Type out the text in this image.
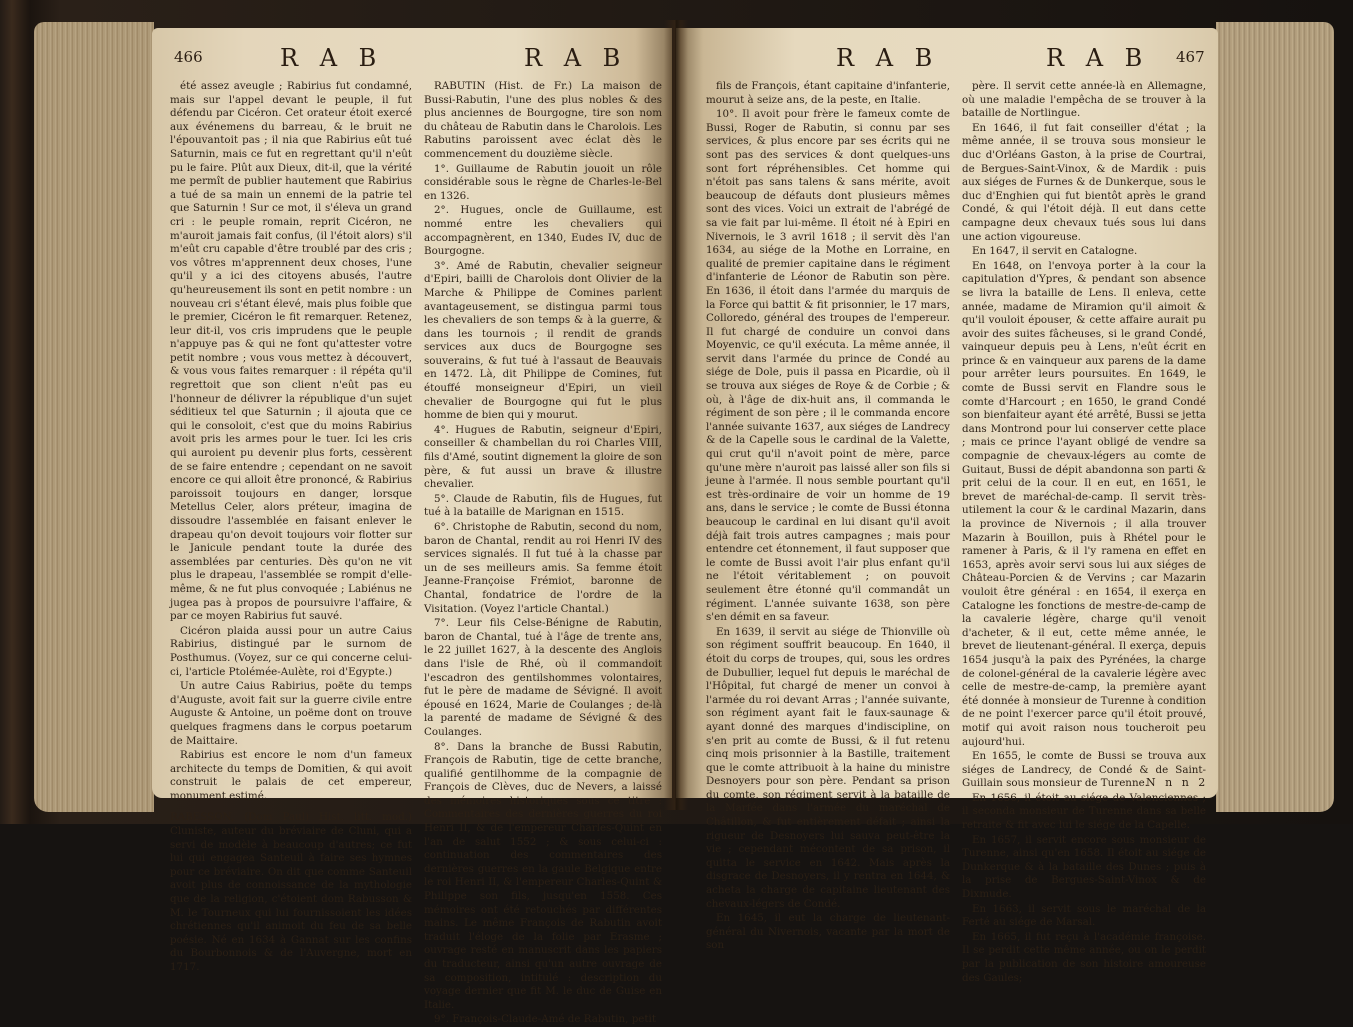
466	R A B	R A B

été assez aveugle ; Rabirius fut condamné, mais sur l'appel devant le peuple, il fut défendu par Cicéron. Cet orateur étoit exercé aux événemens du barreau, & le bruit ne l'épouvantoit pas ; il nia que Rabirius eût tué Saturnin, mais ce fut en regrettant qu'il n'eût pu le faire. Plût aux Dieux, dit-il, que la vérité me permît de publier hautement que Rabirius a tué de sa main un ennemi de la patrie tel que Saturnin ! Sur ce mot, il s'éleva un grand cri : le peuple romain, reprit Cicéron, ne m'auroit jamais fait confus, (il l'étoit alors) s'il m'eût cru capable d'être troublé par des cris ; vos vôtres m'apprennent deux choses, l'une qu'il y a ici des citoyens abusés, l'autre qu'heureusement ils sont en petit nombre : un nouveau cri s'étant élevé, mais plus foible que le premier, Cicéron le fit remarquer. Retenez, leur dit-il, vos cris imprudens que le peuple n'appuye pas & qui ne font qu'attester votre petit nombre ; vous vous mettez à découvert, & vous vous faites remarquer : il répéta qu'il regrettoit que son client n'eût pas eu l'honneur de délivrer la république d'un sujet séditieux tel que Saturnin ; il ajouta que ce qui le consoloit, c'est que du moins Rabirius avoit pris les armes pour le tuer. Ici les cris qui auroient pu devenir plus forts, cessèrent de se faire entendre ; cependant on ne savoit encore ce qui alloit être prononcé, & Rabirius paroissoit toujours en danger, lorsque Metellus Celer, alors préteur, imagina de dissoudre l'assemblée en faisant enlever le drapeau qu'on devoit toujours voir flotter sur le Janicule pendant toute la durée des assemblées par centuries. Dès qu'on ne vit plus le drapeau, l'assemblée se rompit d'elle-même, & ne fut plus convoquée ; Labiénus ne jugea pas à propos de poursuivre l'affaire, & par ce moyen Rabirius fut sauvé.

Cicéron plaida aussi pour un autre Caius Rabirius, distingué par le surnom de Posthumus. (Voyez, sur ce qui concerne celui-ci, l'article Ptolémée-Aulète, roi d'Egypte.)

Un autre Caius Rabirius, poëte du temps d'Auguste, avoit fait sur la guerre civile entre Auguste & Antoine, un poëme dont on trouve quelques fragmens dans le corpus poetarum de Maittaire.

Rabirius est encore le nom d'un fameux architecte du temps de Domitien, & qui avoit construit le palais de cet empereur, monument estimé.

RABESSON, (Dom Paul) Hist. litt. mod.) Cluniste, auteur du bréviaire de Cluni, qui a servi de modèle à beaucoup d'autres; ce fut lui qui engagea Santeuil à faire ses hymnes pour ce bréviaire. On dit que comme Santeuil avoit plus de connoissance de la mythologie que de la religion, c'étoient dom Rabusson & M. le Tourneux qui lui fournissoient les idées chrétiennes qu'il animoit du feu de sa belle poésie. Né en 1634 à Gannat sur les confins du Bourbonnois & de l'Auvergne, mort en 1717.

RABUTIN (Hist. de Fr.) La maison de Bussi-Rabutin, l'une des plus nobles & des plus anciennes de Bourgogne, tire son nom du château de Rabutin dans le Charolois. Les Rabutins paroissent avec éclat dès le commencement du douzième siècle.

1°. Guillaume de Rabutin jouoit un rôle considérable sous le règne de Charles-le-Bel en 1326.

2°. Hugues, oncle de Guillaume, est nommé entre les chevaliers qui accompagnèrent, en 1340, Eudes IV, duc de Bourgogne.

3°. Amé de Rabutin, chevalier seigneur d'Epiri, bailli de Charolois dont Olivier de la Marche & Philippe de Comines parlent avantageusement, se distingua parmi tous les chevaliers de son temps & à la guerre, & dans les tournois ; il rendit de grands services aux ducs de Bourgogne ses souverains, & fut tué à l'assaut de Beauvais en 1472. Là, dit Philippe de Comines, fut étouffé monseigneur d'Epiri, un vieil chevalier de Bourgogne qui fut le plus homme de bien qui y mourut.

4°. Hugues de Rabutin, seigneur d'Epiri, conseiller & chambellan du roi Charles VIII, fils d'Amé, soutint dignement la gloire de son père, & fut aussi un brave & illustre chevalier.

5°. Claude de Rabutin, fils de Hugues, fut tué à la bataille de Marignan en 1515.

6°. Christophe de Rabutin, second du nom, baron de Chantal, rendit au roi Henri IV des services signalés. Il fut tué à la chasse par un de ses meilleurs amis. Sa femme étoit Jeanne-Françoise Frémiot, baronne de Chantal, fondatrice de l'ordre de la Visitation. (Voyez l'article Chantal.)

7°. Leur fils Celse-Bénigne de Rabutin, baron de Chantal, tué à l'âge de trente ans, le 22 juillet 1627, à la descente des Anglois dans l'isle de Rhé, où il commandoit l'escadron des gentilshommes volontaires, fut le père de madame de Sévigné. Il avoit épousé en 1624, Marie de Coulanges ; de-là la parenté de madame de Sévigné & des Coulanges.

8°. Dans la branche de Bussi Rabutin, François de Rabutin, tige de cette branche, qualifié gentilhomme de la compagnie de François de Clèves, duc de Nevers, a laissé des mémoires historiques sous ce titre : Commentaires des dernières guerres du roi Henri II, & de l'empereur Charles-Quint en l'an de salut 1552 ; & sous celui-ci : continuation des commentaires des dernières guerres en la gaule Belgique entre le roi Henri II, & l'empereur Charles-Quint & Philippe son fils, jusqu'en 1558. Ces mémoires ont été retouchés par différentes mains. Le même François de Rabutin avoit traduit l'éloge de la folie par Erasme ; ouvrage resté en manuscrit dans les papiers du traducteur, ainsi qu'un autre ouvrage de sa composition, intitulé : description du voyage dernier que fit M. le duc de Guise en Italie.

9°. François-Claude-Amé de Rabutin, petit

R A B	R A B 467

fils de François, étant capitaine d'infanterie, mourut à seize ans, de la peste, en Italie.

10°. Il avoit pour frère le fameux comte de Bussi, Roger de Rabutin, si connu par ses services, & plus encore par ses écrits qui ne sont pas des services & dont quelques-uns sont fort répréhensibles. Cet homme qui n'étoit pas sans talens & sans mérite, avoit beaucoup de défauts dont plusieurs mêmes sont des vices. Voici un extrait de l'abrégé de sa vie fait par lui-même. Il étoit né à Epiri en Nivernois, le 3 avril 1618 ; il servit dès l'an 1634, au siége de la Mothe en Lorraine, en qualité de premier capitaine dans le régiment d'infanterie de Léonor de Rabutin son père. En 1636, il étoit dans l'armée du marquis de la Force qui battit & fit prisonnier, le 17 mars, Colloredo, général des troupes de l'empereur. Il fut chargé de conduire un convoi dans Moyenvic, ce qu'il exécuta. La même année, il servit dans l'armée du prince de Condé au siége de Dole, puis il passa en Picardie, où il se trouva aux siéges de Roye & de Corbie ; & où, à l'âge de dix-huit ans, il commanda le régiment de son père ; il le commanda encore l'année suivante 1637, aux siéges de Landrecy & de la Capelle sous le cardinal de la Valette, qui crut qu'il n'avoit point de mère, parce qu'une mère n'auroit pas laissé aller son fils si jeune à l'armée. Il nous semble pourtant qu'il est très-ordinaire de voir un homme de 19 ans, dans le service ; le comte de Bussi étonna beaucoup le cardinal en lui disant qu'il avoit déjà fait trois autres campagnes ; mais pour entendre cet étonnement, il faut supposer que le comte de Bussi avoit l'air plus enfant qu'il ne l'étoit véritablement ; on pouvoit seulement être étonné qu'il commandât un régiment. L'année suivante 1638, son père s'en démit en sa faveur.

En 1639, il servit au siége de Thionville où son régiment souffrit beaucoup. En 1640, il étoit du corps de troupes, qui, sous les ordres de Dubullier, lequel fut depuis le maréchal de l'Hôpital, fut chargé de mener un convoi à l'armée du roi devant Arras ; l'année suivante, son régiment ayant fait le faux-saunage & ayant donné des marques d'indiscipline, on s'en prit au comte de Bussi, & il fut retenu cinq mois prisonnier à la Bastille, traitement que le comte attribuoit à la haine du ministre Desnoyers pour son père. Pendant sa prison du comte, son régiment servit à la bataille de la Marfée dans l'armée du maréchal de Châtillon, & fut entièrement défait ; ainsi la rigueur de Desnoyers lui sauva peut-être la vie ; cependant mécontent de sa prison, il quitta le service en 1642. Mais après la disgrace de Desnoyers, il y rentra en 1644, & acheta la charge de capitaine lieutenant des chevaux-légers de Condé.

En 1645, il eut la charge de lieutenant-général du Nivernois, vacante par la mort de son

père. Il servit cette année-là en Allemagne, où une maladie l'empêcha de se trouver à la bataille de Nortlingue.

En 1646, il fut fait conseiller d'état ; la même année, il se trouva sous monsieur le duc d'Orléans Gaston, à la prise de Courtrai, de Bergues-Saint-Vinox, & de Mardik : puis aux siéges de Furnes & de Dunkerque, sous le duc d'Enghien qui fut bientôt après le grand Condé, & qui l'étoit déjà. Il eut dans cette campagne deux chevaux tués sous lui dans une action vigoureuse.

En 1647, il servit en Catalogne.

En 1648, on l'envoya porter à la cour la capitulation d'Ypres, & pendant son absence se livra la bataille de Lens. Il enleva, cette année, madame de Miramion qu'il aimoit & qu'il vouloit épouser, & cette affaire aurait pu avoir des suites fâcheuses, si le grand Condé, vainqueur depuis peu à Lens, n'eût écrit en prince & en vainqueur aux parens de la dame pour arrêter leurs poursuites. En 1649, le comte de Bussi servit en Flandre sous le comte d'Harcourt ; en 1650, le grand Condé son bienfaiteur ayant été arrêté, Bussi se jetta dans Montrond pour lui conserver cette place ; mais ce prince l'ayant obligé de vendre sa compagnie de chevaux-légers au comte de Guitaut, Bussi de dépit abandonna son parti & prit celui de la cour. Il en eut, en 1651, le brevet de maréchal-de-camp. Il servit très-utilement la cour & le cardinal Mazarin, dans la province de Nivernois ; il alla trouver Mazarin à Bouillon, puis à Rhétel pour le ramener à Paris, & il l'y ramena en effet en 1653, après avoir servi sous lui aux siéges de Château-Porcien & de Vervins ; car Mazarin vouloit être général : en 1654, il exerça en Catalogne les fonctions de mestre-de-camp de la cavalerie légère, charge qu'il venoit d'acheter, & il eut, cette même année, le brevet de lieutenant-général. Il exerça, depuis 1654 jusqu'à la paix des Pyrénées, la charge de colonel-général de la cavalerie légère avec celle de mestre-de-camp, la première ayant été donnée à monsieur de Turenne à condition de ne point l'exercer parce qu'il étoit prouvé, motif qui avoit raison nous toucheroit peu aujourd'hui.

En 1655, le comte de Bussi se trouva aux siéges de Landrecy, de Condé & de Saint-Guillain sous monsieur de Turenne.

En 1656, il étoit au siége de Valenciennes ; il seconda monsieur de Turenne dans sa belle retraite & fit avec lui le siége de la Capelle.

En 1657, il servit encore sous monsieur de Turenne, ainsi qu'en 1658. Il étoit au siége de Dunkerque & à la bataille des Dunes ; puis à la prise de Bergues-Saint-Vinox & de Dixmude.

En 1663, il servit sous le maréchal de la Ferté au siége de Marsal.

En 1665, il fut reçu à l'académie françoise. Il se perdit cette même année, ou on le perdit par la publication de son histoire amoureuse des Gaules;

N n n 2
